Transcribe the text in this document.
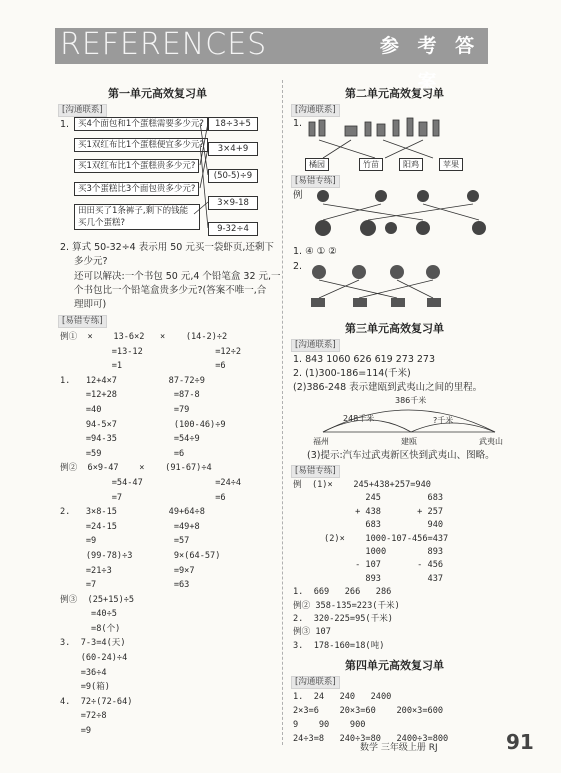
REFERENCES	参 考 答 案
第一单元高效复习单
[沟通联系]
1.	买4个面包和1个蛋糕需要多少元?
买1双红布比1个蛋糕便宜多少元?
买1双红布比1个蛋糕贵多少元?
买3个蛋糕比3个面包贵多少元?
田田买了1条裤子,剩下的钱能买几个蛋糕?
18÷3+5
3×4+9
(50-5)÷9
3×9-18
9-32÷4
2. 算式 50-32÷4 表示用 50 元买一袋虾页,还剩下
多少元?
还可以解决:一个书包 50 元,4 个铅笔盒 32 元,一
个书包比一个铅笔盒贵多少元?(答案不唯一,合
理即可)
[易错专练]
例①  ×    13-6×2   ×    (14-2)÷2
=13-12              =12÷2
=1                  =6
1.   12+4×7          87-72÷9
=12+28           =87-8
=40              =79
94-5×7           (100-46)÷9
=94-35           =54÷9
=59              =6
例②  6×9-47    ×    (91-67)÷4
=54-47              =24÷4
=7                  =6
2.   3×8-15          49+64÷8
=24-15           =49+8
=9               =57
(99-78)÷3        9×(64-57)
=21÷3            =9×7
=7               =63
例③  (25+15)÷5
=40÷5
=8(个)
3.  7-3=4(天)
(60-24)÷4
=36÷4
=9(箱)
4.  72÷(72-64)
=72÷8
=9
第二单元高效复习单
[沟通联系]
1.
橘园	竹苗	阳鸡	苹果
[易错专练]
例
1. ④ ① ②
2.
第三单元高效复习单
[沟通联系]
1. 843 1060 626 619 273 273
2. (1)300-186=114(千米)
(2)386-248 表示建瓯到武夷山之间的里程。
386千米
248千米	?千米
福州	建瓯	武夷山
(3)提示:汽车过武夷新区快到武夷山、图略。
[易错专练]
例  (1)×    245+438+257=940
245         683
+ 438       + 257
683         940
(2)×    1000-107-456=437
1000        893
- 107       - 456
893         437
1.  669   266   286
例② 358-135=223(千米)
2.  320-225=95(千米)
例③ 107
3.  178-160=18(吨)
第四单元高效复习单
[沟通联系]
1.  24   240   2400
2×3=6    20×3=60    200×3=600
9    90    900
24÷3=8   240÷3=80   2400÷3=800
数学 三年级上册 RJ	91
